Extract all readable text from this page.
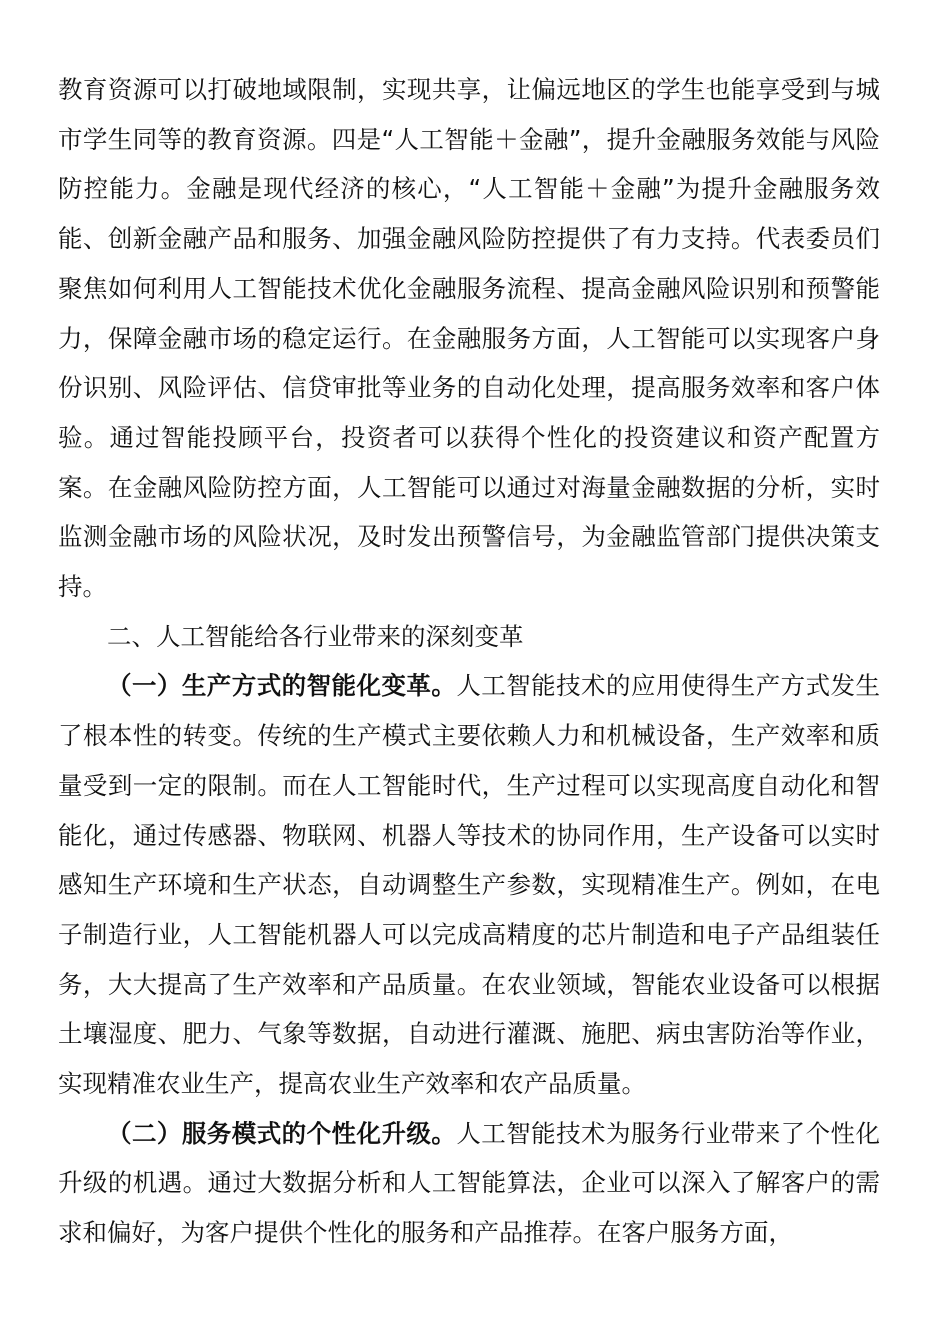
教育资源可以打破地域限制，实现共享，让偏远地区的学生也能享受到与城市学生同等的教育资源。四是“人工智能＋金融”，提升金融服务效能与风险防控能力。金融是现代经济的核心，“人工智能＋金融”为提升金融服务效能、创新金融产品和服务、加强金融风险防控提供了有力支持。代表委员们聚焦如何利用人工智能技术优化金融服务流程、提高金融风险识别和预警能力，保障金融市场的稳定运行。在金融服务方面，人工智能可以实现客户身份识别、风险评估、信贷审批等业务的自动化处理，提高服务效率和客户体验。通过智能投顾平台，投资者可以获得个性化的投资建议和资产配置方案。在金融风险防控方面，人工智能可以通过对海量金融数据的分析，实时监测金融市场的风险状况，及时发出预警信号，为金融监管部门提供决策支持。

二、人工智能给各行业带来的深刻变革

（一）生产方式的智能化变革。人工智能技术的应用使得生产方式发生了根本性的转变。传统的生产模式主要依赖人力和机械设备，生产效率和质量受到一定的限制。而在人工智能时代，生产过程可以实现高度自动化和智能化，通过传感器、物联网、机器人等技术的协同作用，生产设备可以实时感知生产环境和生产状态，自动调整生产参数，实现精准生产。例如，在电子制造行业，人工智能机器人可以完成高精度的芯片制造和电子产品组装任务，大大提高了生产效率和产品质量。在农业领域，智能农业设备可以根据土壤湿度、肥力、气象等数据，自动进行灌溉、施肥、病虫害防治等作业，实现精准农业生产，提高农业生产效率和农产品质量。

（二）服务模式的个性化升级。人工智能技术为服务行业带来了个性化升级的机遇。通过大数据分析和人工智能算法，企业可以深入了解客户的需求和偏好，为客户提供个性化的服务和产品推荐。在客户服务方面，
